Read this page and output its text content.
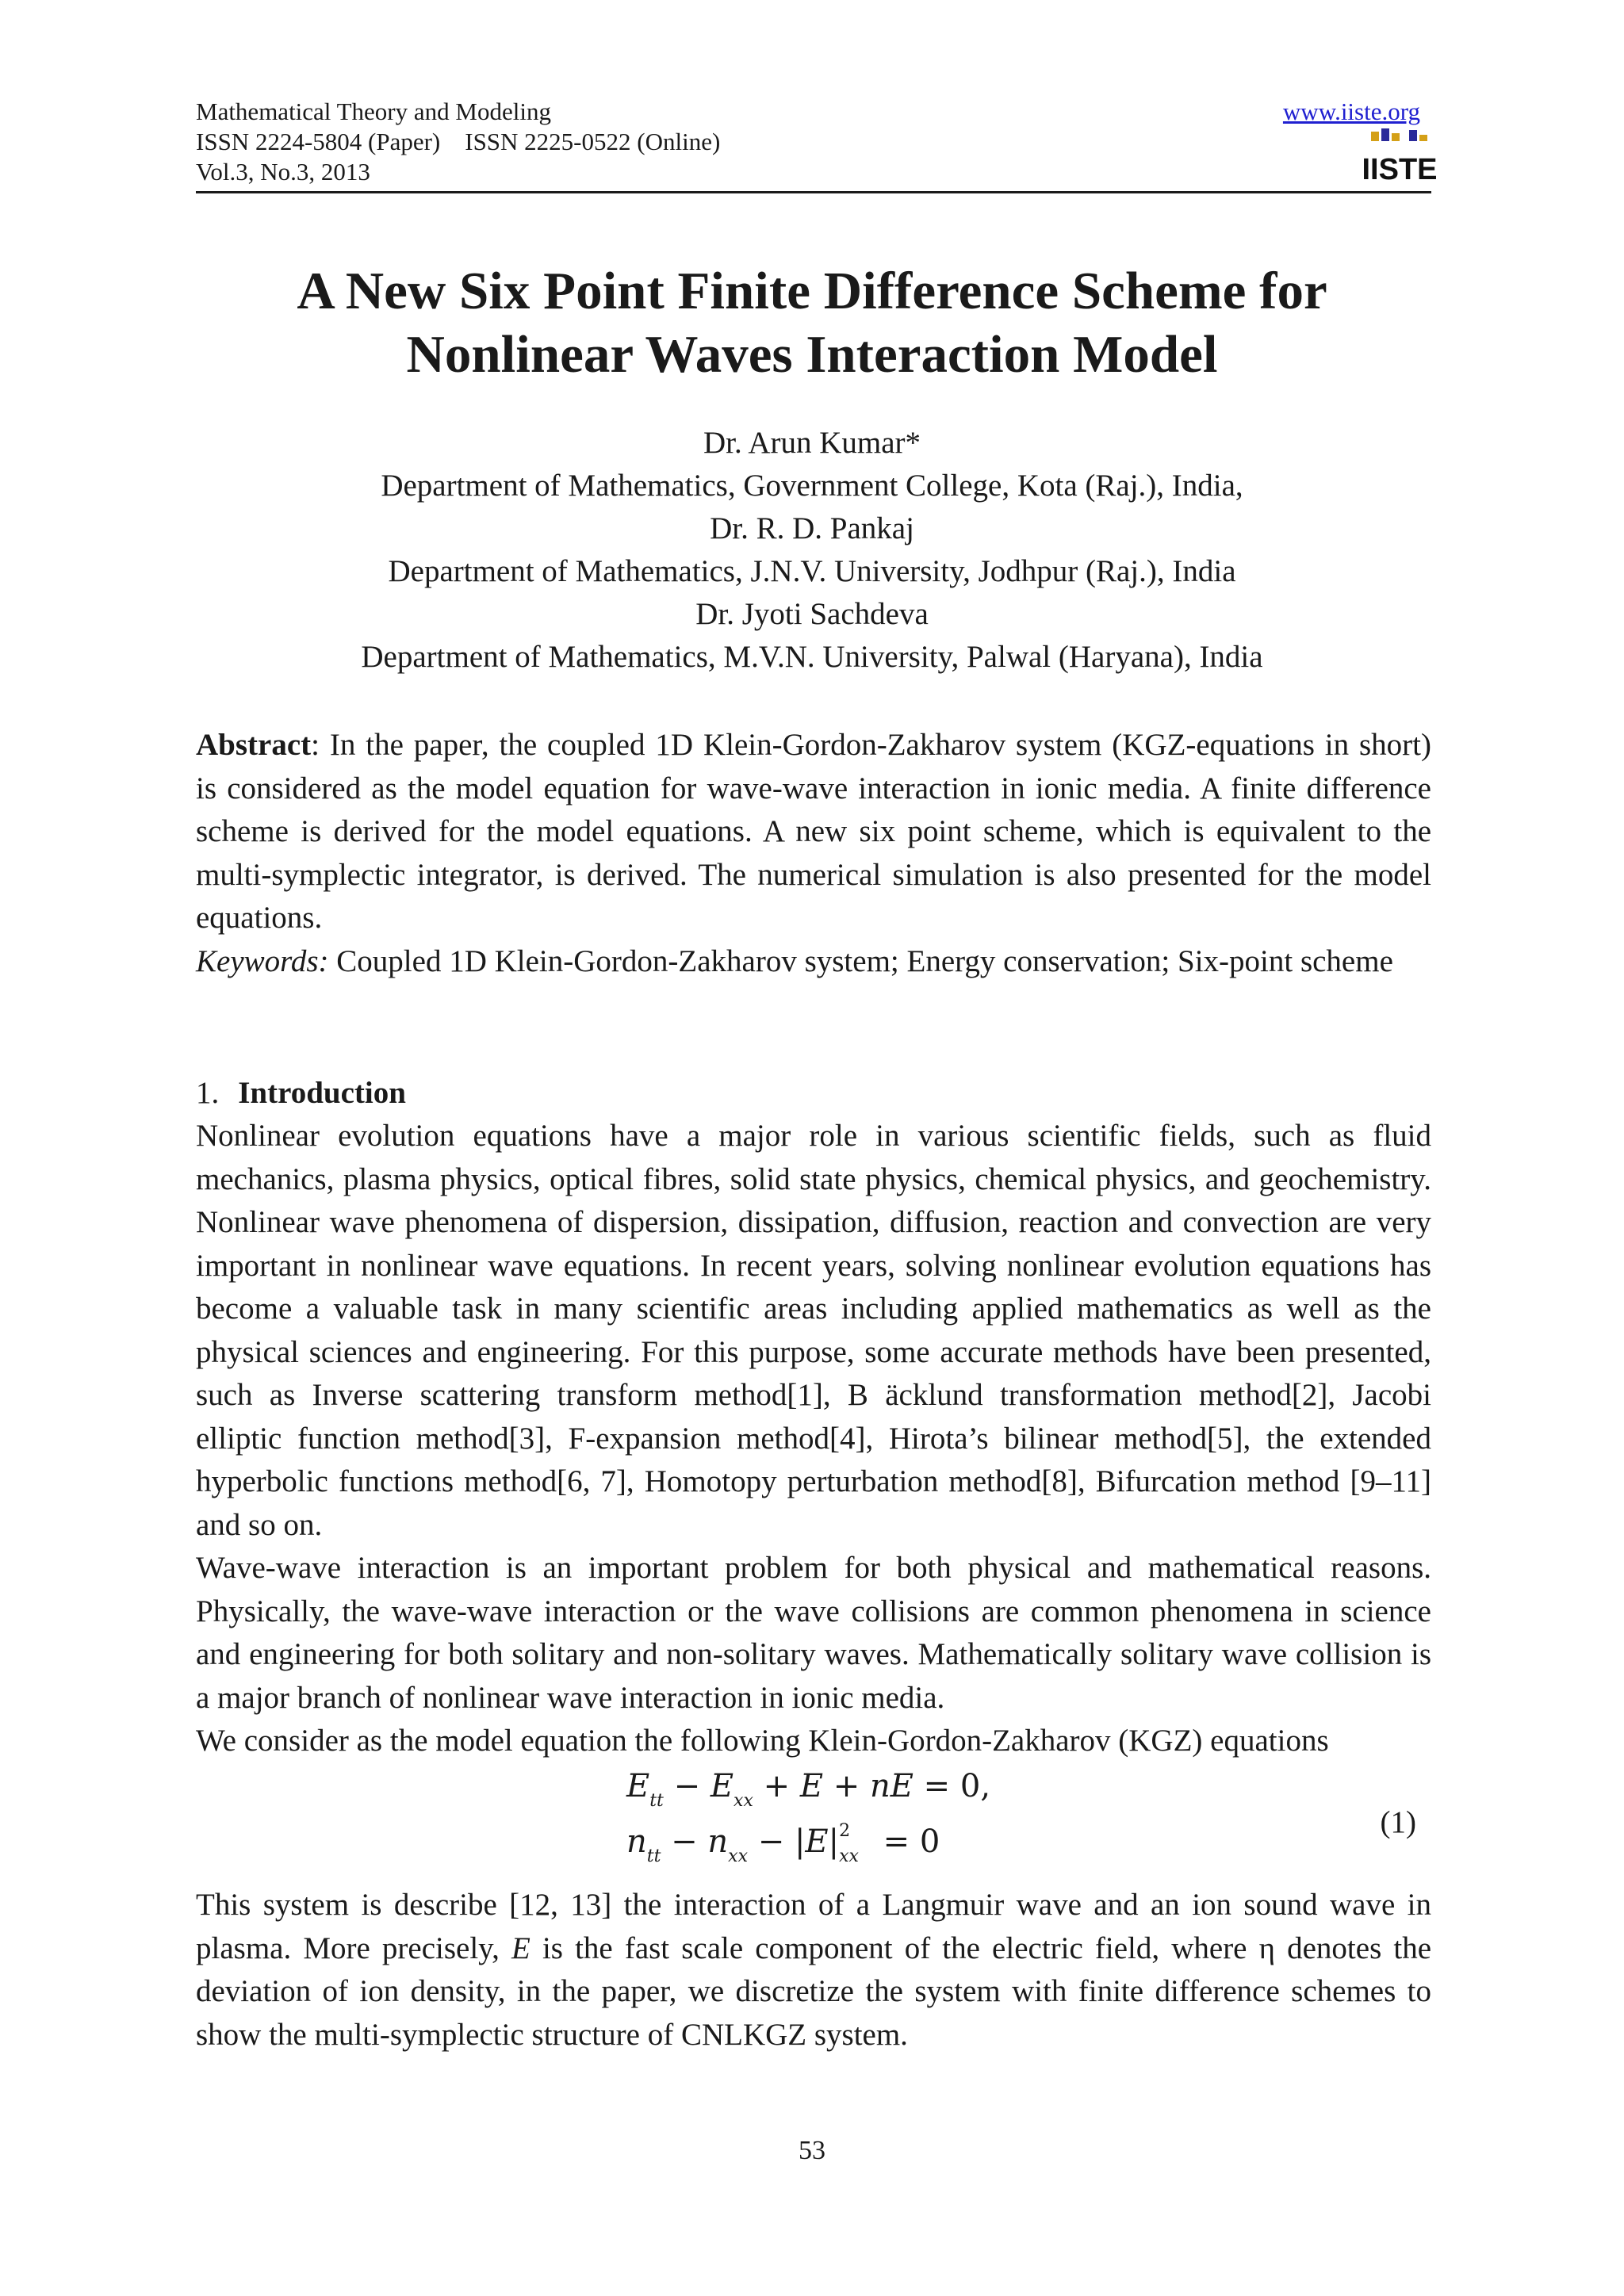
Mathematical Theory and Modeling
ISSN 2224-5804 (Paper)    ISSN 2225-0522 (Online)
Vol.3, No.3, 2013
www.iiste.org
IISTE
A New Six Point Finite Difference Scheme for
Nonlinear Waves Interaction Model
Dr. Arun Kumar*
Department of Mathematics, Government College, Kota (Raj.), India,
Dr. R. D. Pankaj
Department of Mathematics, J.N.V. University, Jodhpur (Raj.), India
Dr. Jyoti Sachdeva
Department of Mathematics, M.V.N. University, Palwal (Haryana), India

Abstract: In the paper, the coupled 1D Klein-Gordon-Zakharov system (KGZ-equations in short) is considered as the model equation for wave-wave interaction in ionic media. A finite difference scheme is derived for the model equations. A new six point scheme, which is equivalent to the multi-symplectic integrator, is derived. The numerical simulation is also presented for the model equations.

Keywords: Coupled 1D Klein-Gordon-Zakharov system; Energy conservation; Six-point scheme

1. Introduction

Nonlinear evolution equations have a major role in various scientific fields, such as fluid mechanics, plasma physics, optical fibres, solid state physics, chemical physics, and geochemistry. Nonlinear wave phenomena of dispersion, dissipation, diffusion, reaction and convection are very important in nonlinear wave equations. In recent years, solving nonlinear evolution equations has become a valuable task in many scientific areas including applied mathematics as well as the physical sciences and engineering. For this purpose, some accurate methods have been presented, such as Inverse scattering transform method[1], B äcklund transformation method[2], Jacobi elliptic function method[3], F-expansion method[4], Hirota’s bilinear method[5], the extended hyperbolic functions method[6, 7], Homotopy perturbation method[8], Bifurcation method [9–11] and so on.

Wave-wave interaction is an important problem for both physical and mathematical reasons. Physically, the wave-wave interaction or the wave collisions are common phenomena in science and engineering for both solitary and non-solitary waves. Mathematically solitary wave collision is a major branch of nonlinear wave interaction in ionic media.

We consider as the model equation the following Klein-Gordon-Zakharov (KGZ) equations

$E_{tt} - E_{xx} + E$ + nE = 0,
$n_{tt} - n_{xx} - |E|^2_{xx} = 0$
(1)

This system is describe [12, 13] the interaction of a Langmuir wave and an ion sound wave in plasma. More precisely, E is the fast scale component of the electric field, where η denotes the deviation of ion density, in the paper, we discretize the system with finite difference schemes to show the multi-symplectic structure of CNLKGZ system.

53
